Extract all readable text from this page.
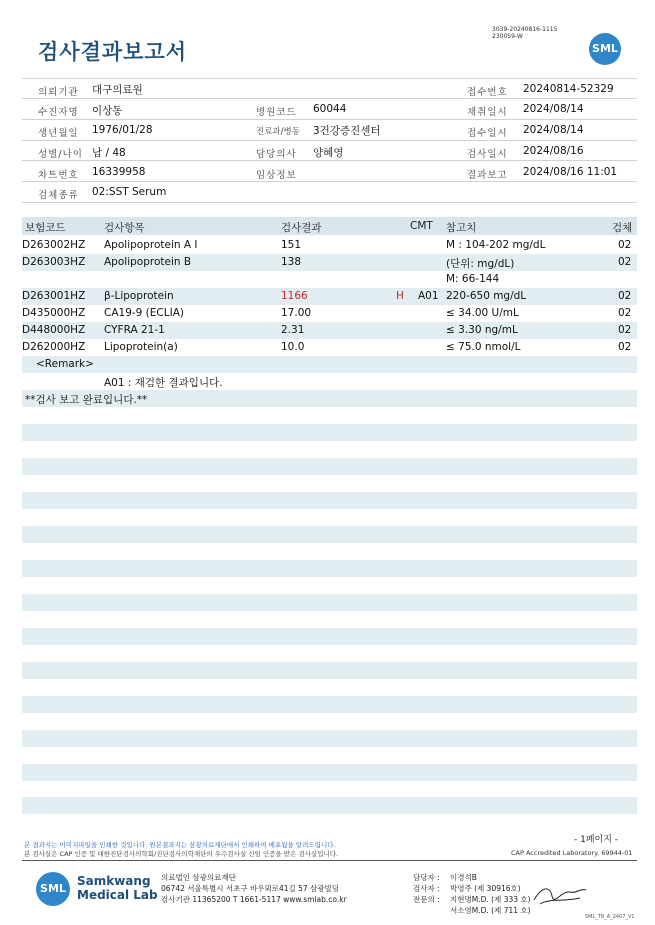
검사결과보고서
3039-20240816-1115
230059-W
SML
의뢰기관 대구의료원	접수번호 20240814-52329
수진자명 이상동	병원코드 60044	채취일시 2024/08/14
생년월일 1976/01/28	진료과/병동 3건강증진센터	접수일시 2024/08/14
성별/나이 남 / 48	담당의사 양혜영	검사일시 2024/08/16
차트번호 16339958	임상정보	결과보고 2024/08/16 11:01
검체종류 02:SST Serum
보험코드	검사항목	검사결과	CMT 참고치	검체
D263002HZ Apolipoprotein A I	151	M : 104-202 mg/dL	02
D263003HZ Apolipoprotein B	138	(단위: mg/dL)	02
M: 66-144
D263001HZ β-Lipoprotein	1166	H A01 220-650 mg/dL	02
D435000HZ CA19-9 (ECLIA)	17.00	≤ 34.00 U/mL	02
D448000HZ CYFRA 21-1	2.31	≤ 3.30 ng/mL	02
D262000HZ Lipoprotein(a)	10.0	≤ 75.0 nmol/L	02
<Remark>
A01 : 재검한 결과입니다.
**검사 보고 완료입니다.**
- 1페이지 -
본 결과지는 이미지파일을 인쇄한 것입니다. 원본결과지는 삼광의료재단에서 인쇄하여 배포됨을 알려드립니다.
본 검사실은 CAP 인증 및 대한진단검사의학회/진단검사의학재단의 우수검사실 신임 인증을 받은 검사실입니다.	CAP Accredited Laboratory. 69944-01
SML
Samkwang
Medical Lab
의료법인 삼광의료재단
06742 서울특별시 서초구 바우뫼로41길 57 삼광빌딩
검사기관 11365200 T 1661-5117 www.smlab.co.kr
담당자 :
검사자 :
전문의 :
이경석B
박영주 (제 30916호)
지현명M.D. (제 333 호)
서소영M.D. (제 711 호)
SML_TR_A_2407_V1
